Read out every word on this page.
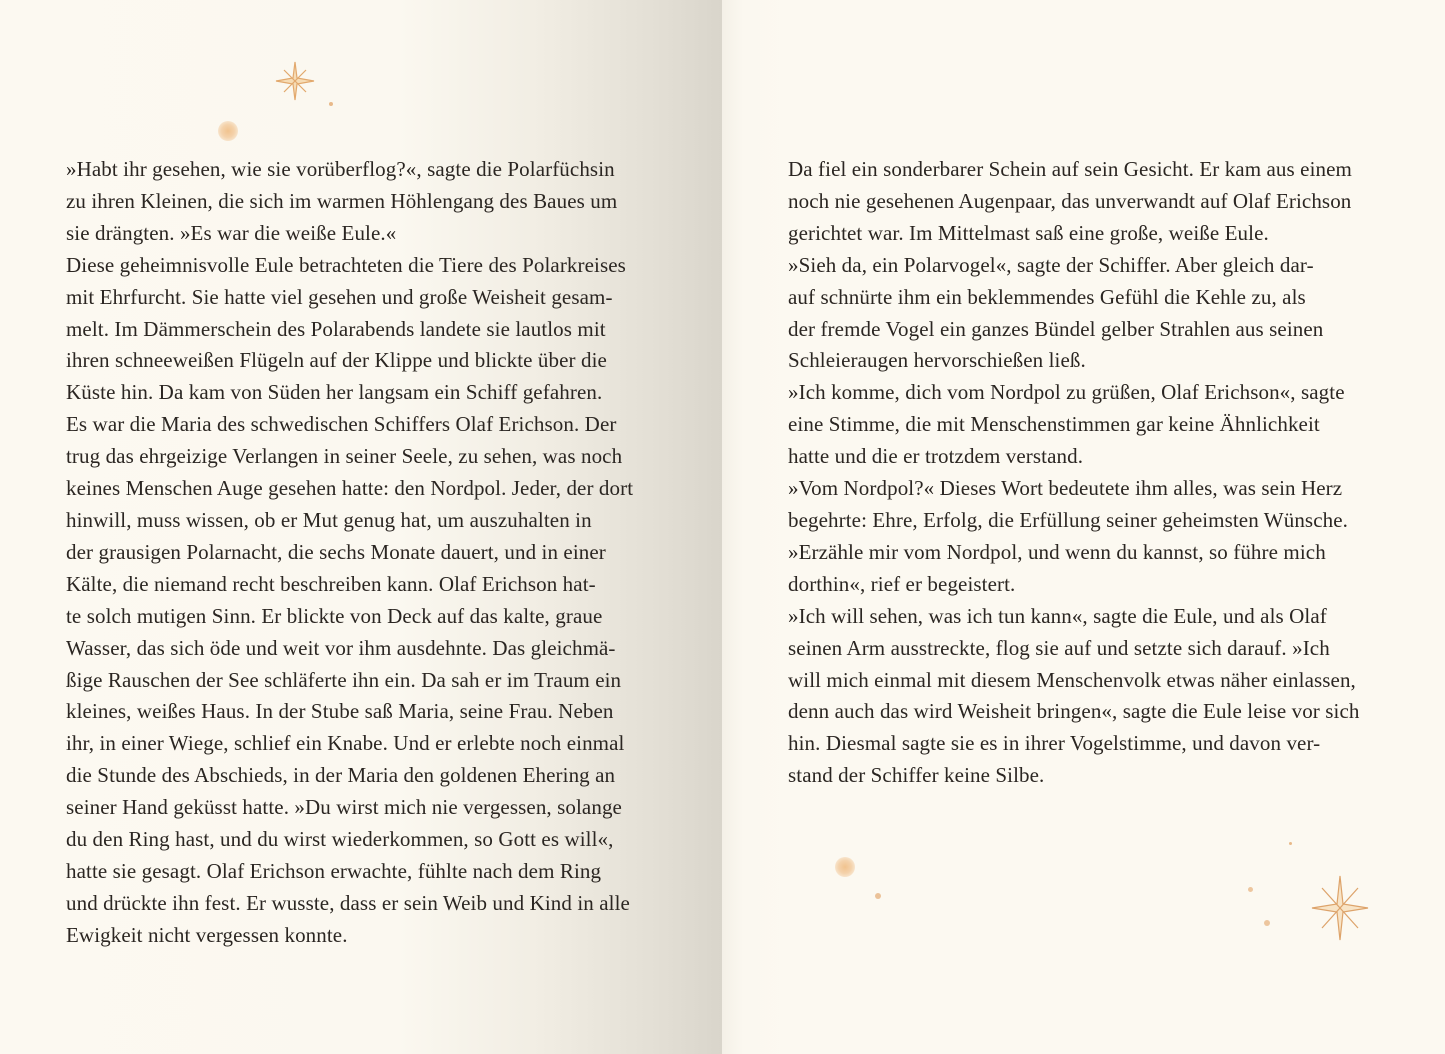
»Habt ihr gesehen, wie sie vorüberflog?«, sagte die Polarfüchsin
zu ihren Kleinen, die sich im warmen Höhlengang des Baues um
sie drängten. »Es war die weiße Eule.«
Diese geheimnisvolle Eule betrachteten die Tiere des Polarkreises
mit Ehrfurcht. Sie hatte viel gesehen und große Weisheit gesam-
melt. Im Dämmerschein des Polarabends landete sie lautlos mit
ihren schneeweißen Flügeln auf der Klippe und blickte über die
Küste hin. Da kam von Süden her langsam ein Schiff gefahren.
Es war die Maria des schwedischen Schiffers Olaf Erichson. Der
trug das ehrgeizige Verlangen in seiner Seele, zu sehen, was noch
keines Menschen Auge gesehen hatte: den Nordpol. Jeder, der dort
hinwill, muss wissen, ob er Mut genug hat, um auszuhalten in
der grausigen Polarnacht, die sechs Monate dauert, und in einer
Kälte, die niemand recht beschreiben kann. Olaf Erichson hat-
te solch mutigen Sinn. Er blickte von Deck auf das kalte, graue
Wasser, das sich öde und weit vor ihm ausdehnte. Das gleichmä-
ßige Rauschen der See schläferte ihn ein. Da sah er im Traum ein
kleines, weißes Haus. In der Stube saß Maria, seine Frau. Neben
ihr, in einer Wiege, schlief ein Knabe. Und er erlebte noch einmal
die Stunde des Abschieds, in der Maria den goldenen Ehering an
seiner Hand geküsst hatte. »Du wirst mich nie vergessen, solange
du den Ring hast, und du wirst wiederkommen, so Gott es will«,
hatte sie gesagt. Olaf Erichson erwachte, fühlte nach dem Ring
und drückte ihn fest. Er wusste, dass er sein Weib und Kind in alle
Ewigkeit nicht vergessen konnte.
Da fiel ein sonderbarer Schein auf sein Gesicht. Er kam aus einem
noch nie gesehenen Augenpaar, das unverwandt auf Olaf Erichson
gerichtet war. Im Mittelmast saß eine große, weiße Eule.
»Sieh da, ein Polarvogel«, sagte der Schiffer. Aber gleich dar-
auf schnürte ihm ein beklemmendes Gefühl die Kehle zu, als
der fremde Vogel ein ganzes Bündel gelber Strahlen aus seinen
Schleieraugen hervorschießen ließ.
»Ich komme, dich vom Nordpol zu grüßen, Olaf Erichson«, sagte
eine Stimme, die mit Menschenstimmen gar keine Ähnlichkeit
hatte und die er trotzdem verstand.
»Vom Nordpol?« Dieses Wort bedeutete ihm alles, was sein Herz
begehrte: Ehre, Erfolg, die Erfüllung seiner geheimsten Wünsche.
»Erzähle mir vom Nordpol, und wenn du kannst, so führe mich
dorthin«, rief er begeistert.
»Ich will sehen, was ich tun kann«, sagte die Eule, und als Olaf
seinen Arm ausstreckte, flog sie auf und setzte sich darauf. »Ich
will mich einmal mit diesem Menschenvolk etwas näher einlassen,
denn auch das wird Weisheit bringen«, sagte die Eule leise vor sich
hin. Diesmal sagte sie es in ihrer Vogelstimme, und davon ver-
stand der Schiffer keine Silbe.
